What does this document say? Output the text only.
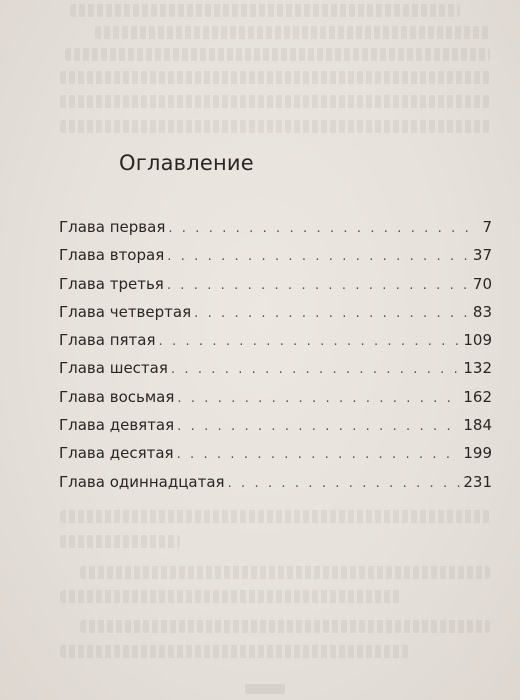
Оглавление
Глава первая . . .	7
Глава вторая . . .	37
Глава третья . . .	70
Глава четвертая . . .	83
Глава пятая . . .	109
Глава шестая . . .	132
Глава восьмая . . .	162
Глава девятая . . .	184
Глава десятая . . .	199
Глава одиннадцатая . . .	231
